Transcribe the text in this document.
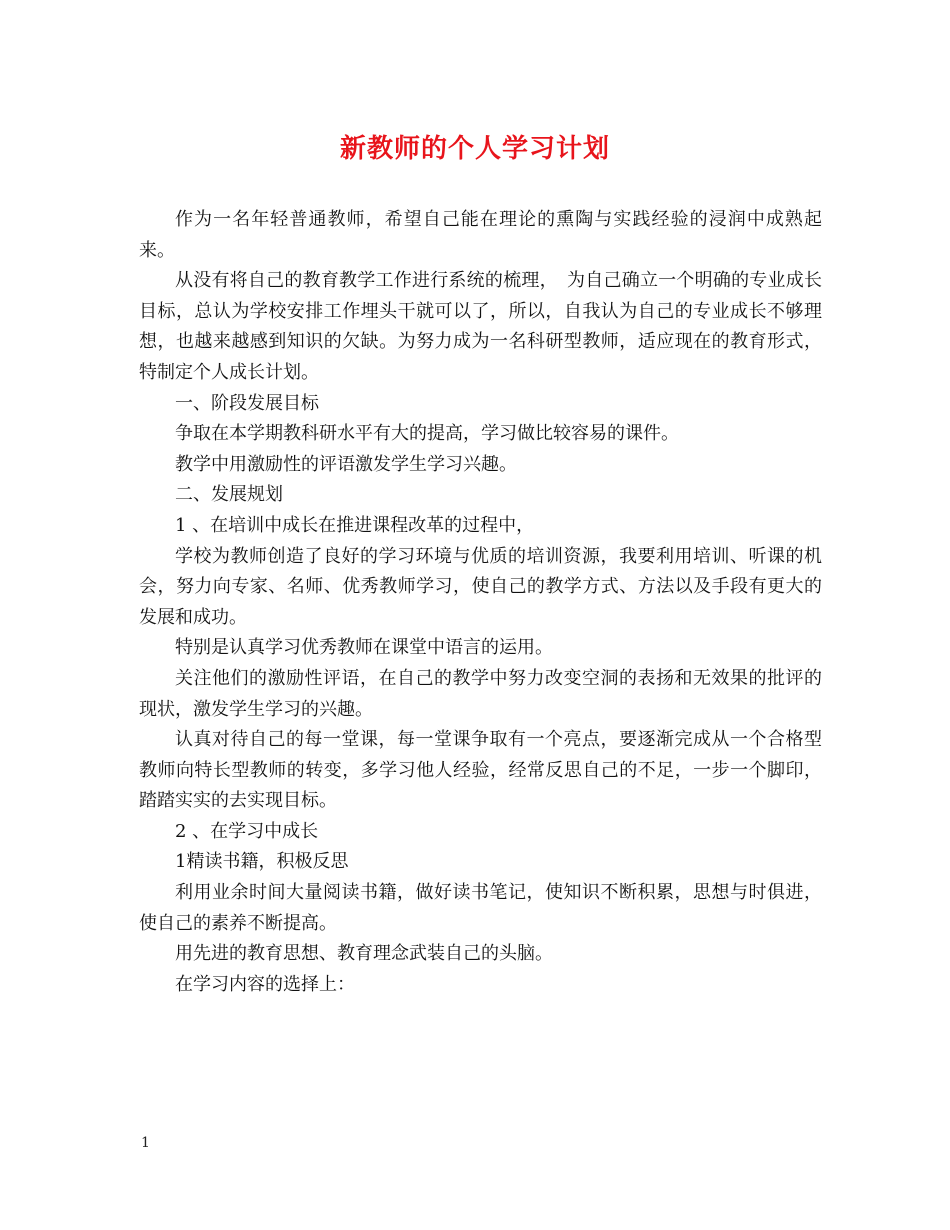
新教师的个人学习计划

作为一名年轻普通教师，希望自己能在理论的熏陶与实践经验的浸润中成熟起来。

从没有将自己的教育教学工作进行系统的梳理，　为自己确立一个明确的专业成长目标，总认为学校安排工作埋头干就可以了，所以，自我认为自己的专业成长不够理想，也越来越感到知识的欠缺。为努力成为一名科研型教师，适应现在的教育形式，特制定个人成长计划。

一、阶段发展目标

争取在本学期教科研水平有大的提高，学习做比较容易的课件。

教学中用激励性的评语激发学生学习兴趣。

二、发展规划

1 、在培训中成长在推进课程改革的过程中，

学校为教师创造了良好的学习环境与优质的培训资源，我要利用培训、听课的机会，努力向专家、名师、优秀教师学习，使自己的教学方式、方法以及手段有更大的发展和成功。

特别是认真学习优秀教师在课堂中语言的运用。

关注他们的激励性评语，在自己的教学中努力改变空洞的表扬和无效果的批评的现状，激发学生学习的兴趣。

认真对待自己的每一堂课，每一堂课争取有一个亮点，要逐渐完成从一个合格型教师向特长型教师的转变，多学习他人经验，经常反思自己的不足，一步一个脚印，踏踏实实的去实现目标。

2 、在学习中成长

1精读书籍，积极反思

利用业余时间大量阅读书籍，做好读书笔记，使知识不断积累，思想与时俱进，使自己的素养不断提高。

用先进的教育思想、教育理念武装自己的头脑。

在学习内容的选择上：

1
